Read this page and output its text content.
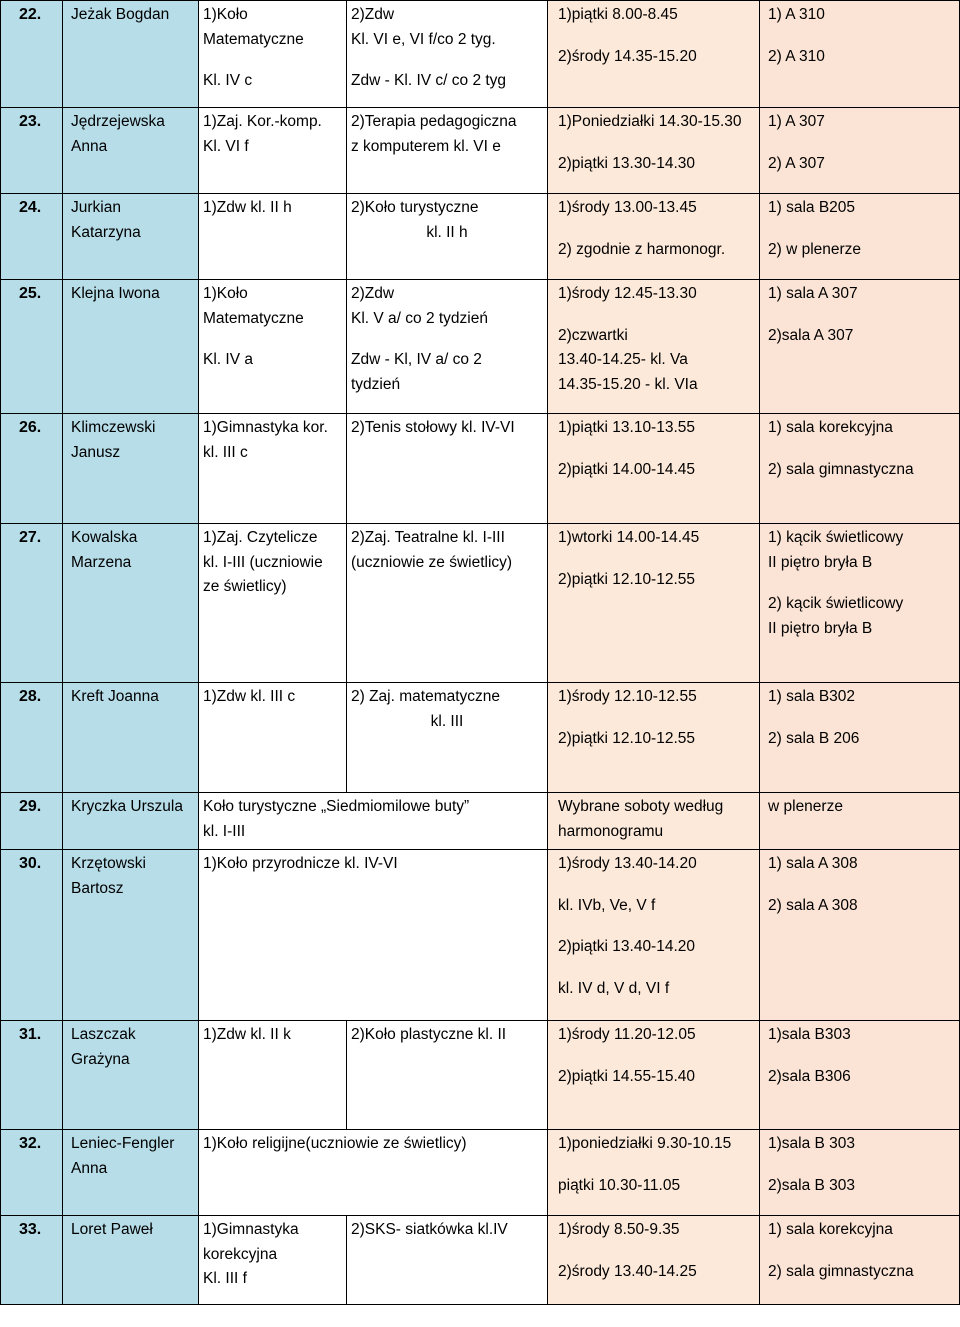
22.	Jeżak Bogdan	1)Koło
Matematyczne
Kl. IV c	2)Zdw
Kl. VI e, VI f/co 2 tyg.
Zdw - Kl. IV c/ co 2 tyg	1)piątki 8.00-8.45
2)środy 14.35-15.20	1) A 310
2) A 310

23.	Jędrzejewska
Anna	1)Zaj. Kor.-komp.
Kl. VI f	2)Terapia pedagogiczna
z komputerem kl. VI e	1)Poniedziałki 14.30-15.30
2)piątki 13.30-14.30	1) A 307
2) A 307

24.	Jurkian
Katarzyna	1)Zdw kl. II h	2)Koło turystyczne
kl. II h	1)środy 13.00-13.45
2) zgodnie z harmonogr.	1) sala B205
2) w plenerze

25.	Klejna Iwona	1)Koło
Matematyczne
Kl. IV a	2)Zdw
Kl. V a/ co 2 tydzień
Zdw - Kl, IV a/ co 2
tydzień	1)środy 12.45-13.30
2)czwartki
13.40-14.25- kl. Va
14.35-15.20 - kl. VIa	1) sala A 307
2)sala A 307

26.	Klimczewski
Janusz	1)Gimnastyka kor.
kl. III c	2)Tenis stołowy kl. IV-VI	1)piątki 13.10-13.55
2)piątki 14.00-14.45	1) sala korekcyjna
2) sala gimnastyczna

27.	Kowalska
Marzena	1)Zaj. Czytelicze
kl. I-III (uczniowie
ze świetlicy)	2)Zaj. Teatralne kl. I-III
(uczniowie ze świetlicy)	1)wtorki 14.00-14.45
2)piątki 12.10-12.55	1) kącik świetlicowy
II piętro bryła B
2) kącik świetlicowy
II piętro bryła B

28.	Kreft Joanna	1)Zdw kl. III c	2) Zaj. matematyczne
kl. III	1)środy 12.10-12.55
2)piątki 12.10-12.55	1) sala B302
2) sala B 206

29.	Kryczka Urszula	Koło turystyczne „Siedmiomilowe buty”
kl. I-III		Wybrane soboty według
harmonogramu	w plenerze

30.	Krzętowski
Bartosz	1)Koło przyrodnicze kl. IV-VI		1)środy 13.40-14.20
kl. IVb, Ve, V f
2)piątki 13.40-14.20
kl. IV d, V d, VI f	1) sala A 308
2) sala A 308

31.	Laszczak
Grażyna	1)Zdw kl. II k	2)Koło plastyczne kl. II	1)środy 11.20-12.05
2)piątki 14.55-15.40	1)sala B303
2)sala B306

32.	Leniec-Fengler
Anna	1)Koło religijne(uczniowie ze świetlicy)		1)poniedziałki 9.30-10.15
piątki 10.30-11.05	1)sala B 303
2)sala B 303

33.	Loret Paweł	1)Gimnastyka
korekcyjna
Kl. III f	2)SKS- siatkówka kl.IV	1)środy 8.50-9.35
2)środy 13.40-14.25	1) sala korekcyjna
2) sala gimnastyczna
